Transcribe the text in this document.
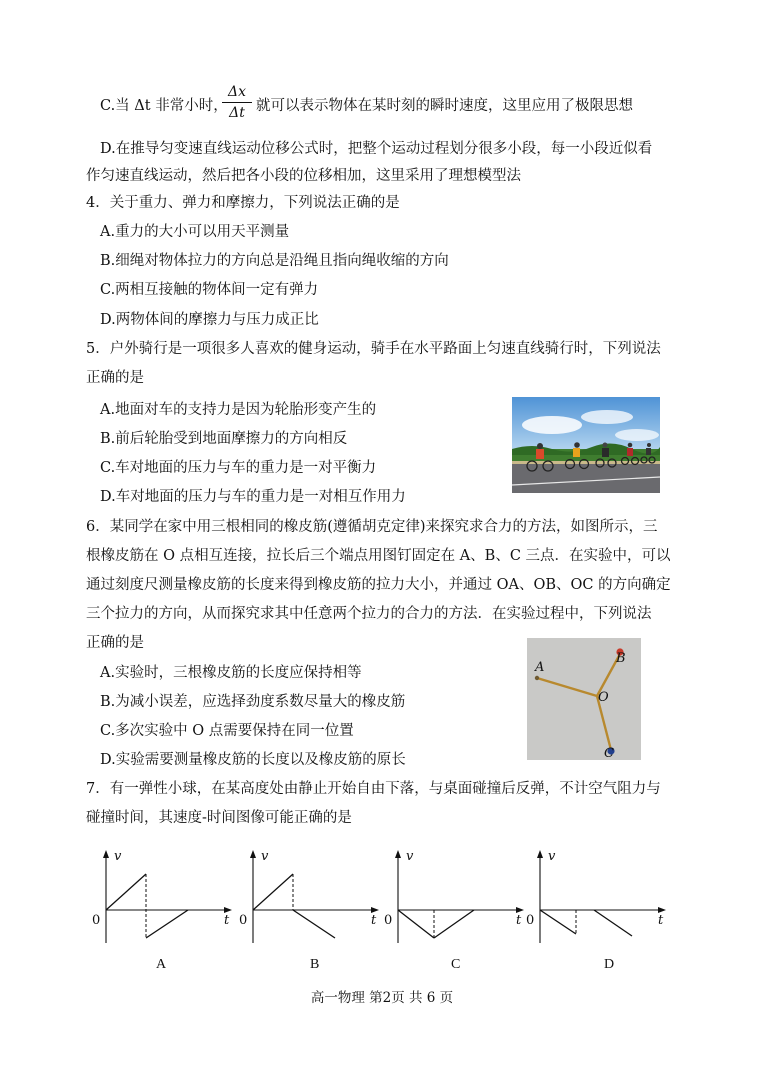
C.当 Δt 非常小时，
Δx
Δt 就可以表示物体在某时刻的瞬时速度，这里应用了极限思想
D.在推导匀变速直线运动位移公式时，把整个运动过程划分很多小段，每一小段近似看
作匀速直线运动，然后把各小段的位移相加，这里采用了理想模型法
4．关于重力、弹力和摩擦力，下列说法正确的是
A.重力的大小可以用天平测量
B.细绳对物体拉力的方向总是沿绳且指向绳收缩的方向
C.两相互接触的物体间一定有弹力
D.两物体间的摩擦力与压力成正比
5．户外骑行是一项很多人喜欢的健身运动，骑手在水平路面上匀速直线骑行时，下列说法
正确的是
A.地面对车的支持力是因为轮胎形变产生的
B.前后轮胎受到地面摩擦力的方向相反
C.车对地面的压力与车的重力是一对平衡力
D.车对地面的压力与车的重力是一对相互作用力
6．某同学在家中用三根相同的橡皮筋(遵循胡克定律)来探究求合力的方法，如图所示，三
根橡皮筋在 O 点相互连接，拉长后三个端点用图钉固定在 A、B、C 三点．在实验中，可以
通过刻度尺测量橡皮筋的长度来得到橡皮筋的拉力大小，并通过 OA、OB、OC 的方向确定
三个拉力的方向，从而探究求其中任意两个拉力的合力的方法．在实验过程中，下列说法
正确的是
A.实验时，三根橡皮筋的长度应保持相等
B.为减小误差，应选择劲度系数尽量大的橡皮筋
C.多次实验中 O 点需要保持在同一位置
D.实验需要测量橡皮筋的长度以及橡皮筋的原长
A
B
O
C
7．有一弹性小球，在某高度处由静止开始自由下落，与桌面碰撞后反弹，不计空气阻力与
碰撞时间，其速度-时间图像可能正确的是
v
t
0
A
v
t
0
B
v
t
0
C
v
t
0
D
高一物理 第2页 共 6 页
